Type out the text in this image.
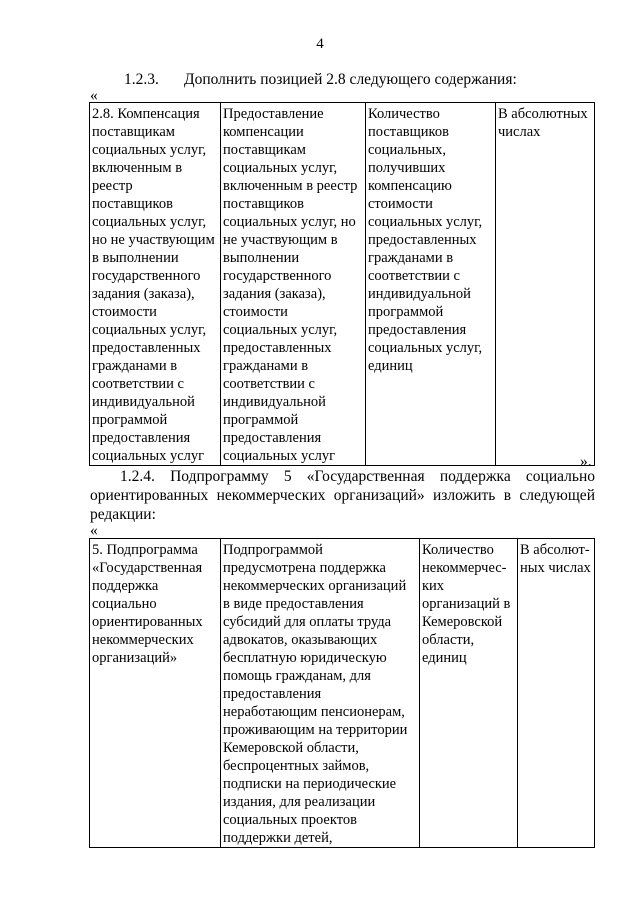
4
1.2.3. Дополнить позицией 2.8 следующего содержания:
«
2.8. Компенсация
поставщикам
социальных услуг,
включенным в
реестр
поставщиков
социальных услуг,
но не участвующим
в выполнении
государственного
задания (заказа),
стоимости
социальных услуг,
предоставленных
гражданами в
соответствии с
индивидуальной
программой
предоставления
социальных услуг

Предоставление
компенсации
поставщикам
социальных услуг,
включенным в реестр
поставщиков
социальных услуг, но
не участвующим в
выполнении
государственного
задания (заказа),
стоимости
социальных услуг,
предоставленных
гражданами в
соответствии с
индивидуальной
программой
предоставления
социальных услуг

Количество
поставщиков
социальных,
получивших
компенсацию
стоимости
социальных услуг,
предоставленных
гражданами в
соответствии с
индивидуальной
программой
предоставления
социальных услуг,
единиц

В абсолютных
числах
».
1.2.4. Подпрограмму 5 «Государственная поддержка социально
ориентированных некоммерческих организаций» изложить в следующей
редакции:
«
5. Подпрограмма
«Государственная
поддержка
социально
ориентированных
некоммерческих
организаций»

Подпрограммой
предусмотрена поддержка
некоммерческих организаций
в виде предоставления
субсидий для оплаты труда
адвокатов, оказывающих
бесплатную юридическую
помощь гражданам, для
предоставления
неработающим пенсионерам,
проживающим на территории
Кемеровской области,
беспроцентных займов,
подписки на периодические
издания, для реализации
социальных проектов
поддержки детей,

Количество
некоммерчес-
ких
организаций в
Кемеровской
области,
единиц

В абсолют-
ных числах
